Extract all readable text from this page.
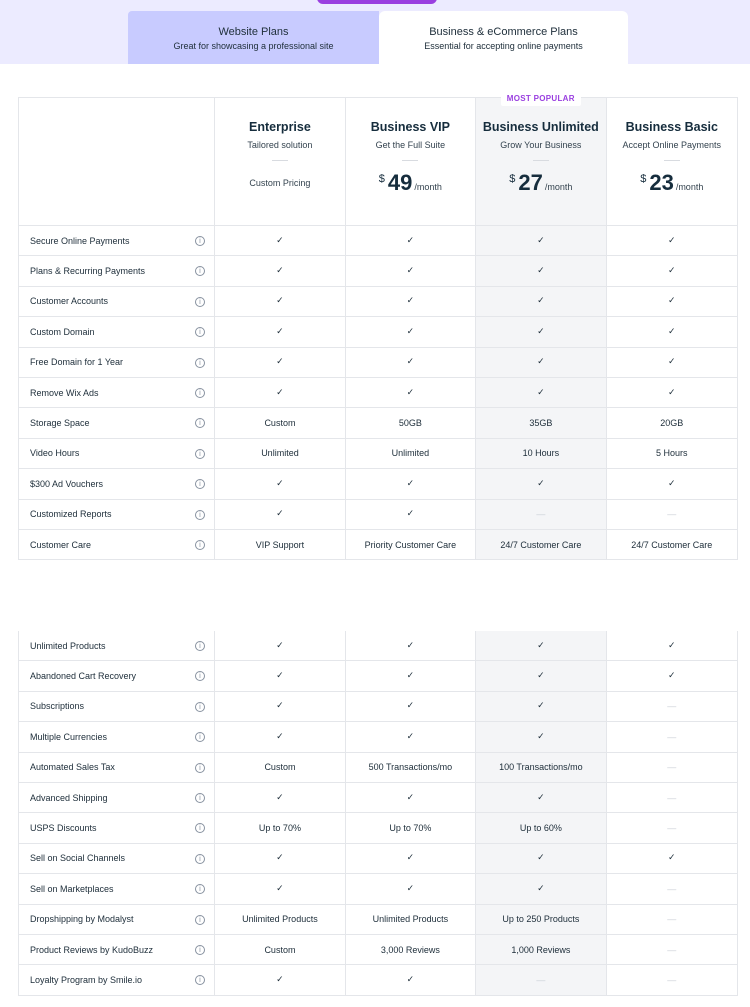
Website Plans
Great for showcasing a professional site
Business & eCommerce Plans
Essential for accepting online payments
Enterprise
Tailored solution
Custom Pricing
Business VIP
Get the Full Suite
$ 49 /month
MOST POPULAR
Business Unlimited
Grow Your Business
$ 27 /month
Business Basic
Accept Online Payments
$ 23 /month
Secure Online Payments	i	✓	✓	✓	✓
Plans & Recurring Payments	i	✓	✓	✓	✓
Customer Accounts	i	✓	✓	✓	✓
Custom Domain	i	✓	✓	✓	✓
Free Domain for 1 Year	i	✓	✓	✓	✓
Remove Wix Ads	i	✓	✓	✓	✓
Storage Space	i	Custom	50GB	35GB	20GB
Video Hours	i	Unlimited	Unlimited	10 Hours	5 Hours
$300 Ad Vouchers	i	✓	✓	✓	✓
Customized Reports	i	✓	✓	—	—
Customer Care	i	VIP Support	Priority Customer Care	24/7 Customer Care	24/7 Customer Care
Unlimited Products	i	✓	✓	✓	✓
Abandoned Cart Recovery	i	✓	✓	✓	✓
Subscriptions	i	✓	✓	✓	—
Multiple Currencies	i	✓	✓	✓	—
Automated Sales Tax	i	Custom	500 Transactions/mo	100 Transactions/mo	—
Advanced Shipping	i	✓	✓	✓	—
USPS Discounts	i	Up to 70%	Up to 70%	Up to 60%	—
Sell on Social Channels	i	✓	✓	✓	✓
Sell on Marketplaces	i	✓	✓	✓	—
Dropshipping by Modalyst	i	Unlimited Products	Unlimited Products	Up to 250 Products	—
Product Reviews by KudoBuzz	i	Custom	3,000 Reviews	1,000 Reviews	—
Loyalty Program by Smile.io	i	✓	✓	—	—
